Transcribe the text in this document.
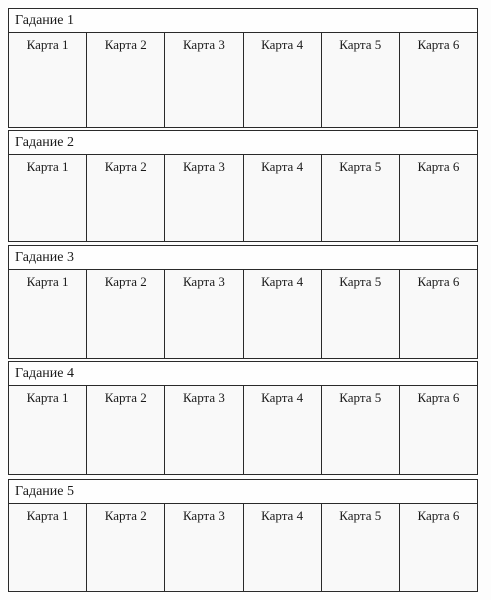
Гадание 1
Карта 1	Карта 2	Карта 3	Карта 4	Карта 5	Карта 6
Гадание 2
Карта 1	Карта 2	Карта 3	Карта 4	Карта 5	Карта 6
Гадание 3
Карта 1	Карта 2	Карта 3	Карта 4	Карта 5	Карта 6
Гадание 4
Карта 1	Карта 2	Карта 3	Карта 4	Карта 5	Карта 6
Гадание 5
Карта 1	Карта 2	Карта 3	Карта 4	Карта 5	Карта 6
